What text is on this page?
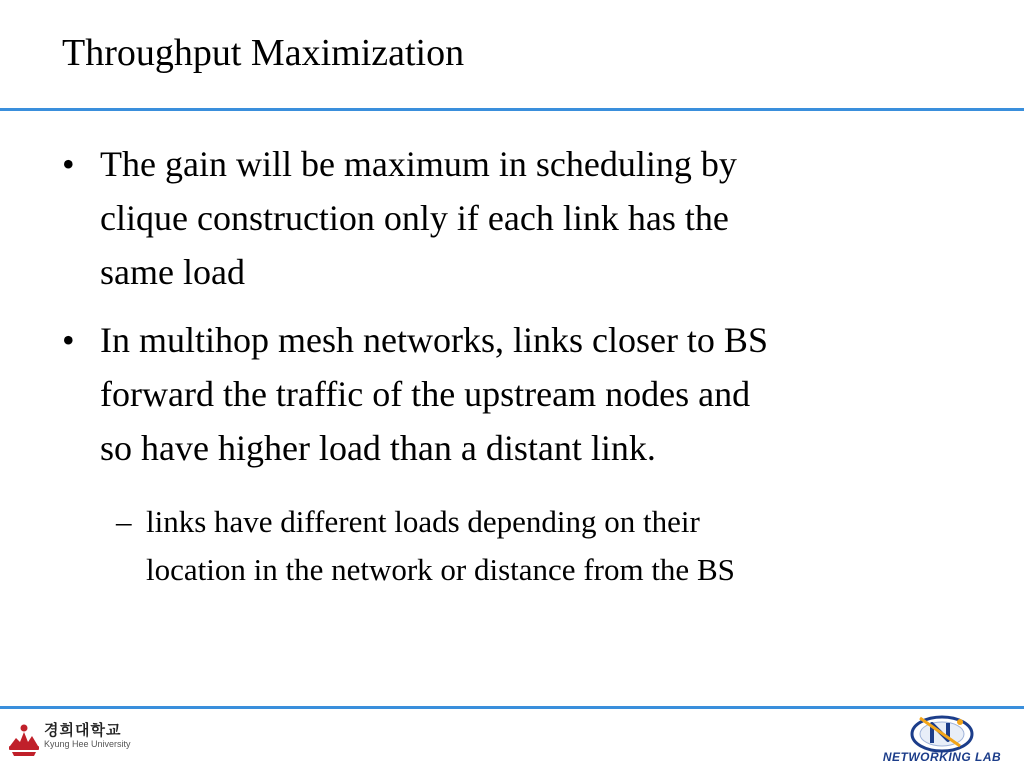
Throughput Maximization
• The gain will be maximum in scheduling by
clique construction only if each link has the
same load
• In multihop mesh networks, links closer to BS
forward the traffic of the upstream nodes and
so have higher load than a distant link.
– links have different loads depending on their
location in the network or distance from the BS
경희대학교
Kyung Hee University
NETWORKING LAB
